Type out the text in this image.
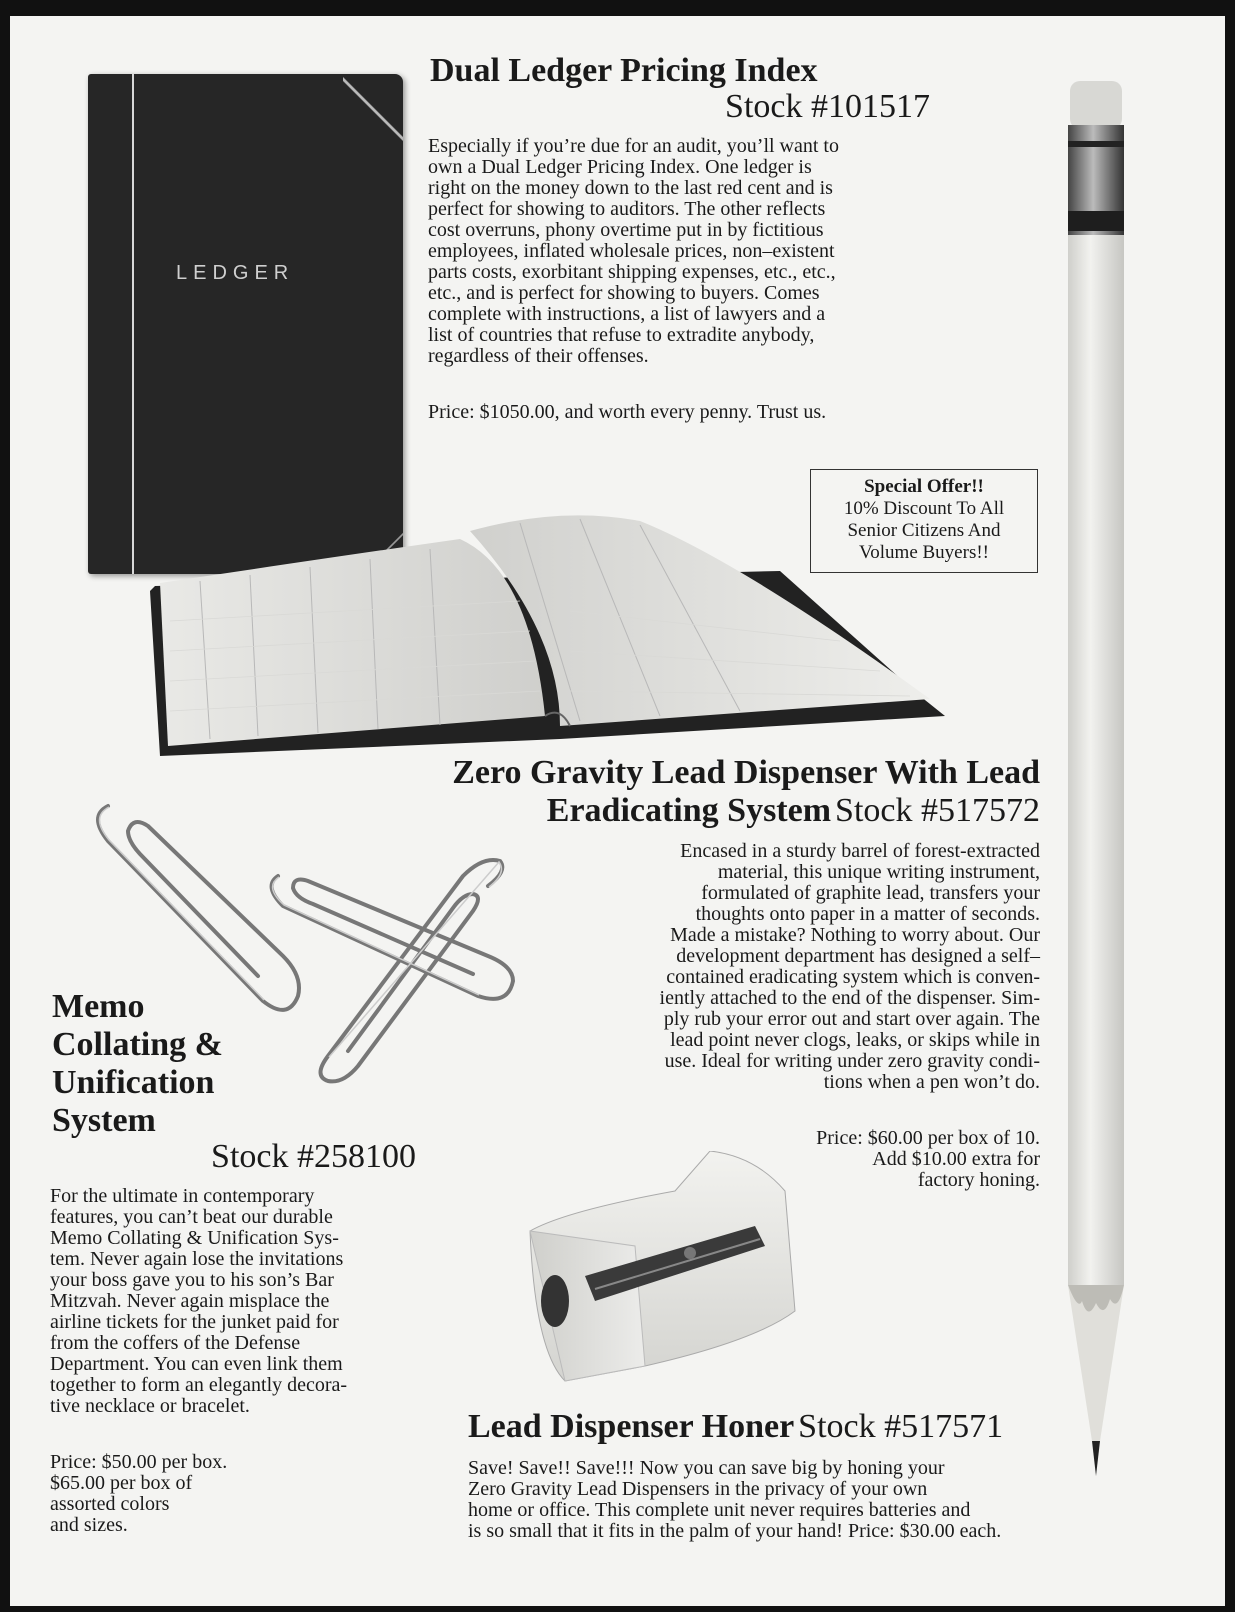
LEDGER
Dual Ledger Pricing Index
Stock #101517
Especially if you’re due for an audit, you’ll want to
own a Dual Ledger Pricing Index. One ledger is
right on the money down to the last red cent and is
perfect for showing to auditors. The other reflects
cost overruns, phony overtime put in by fictitious
employees, inflated wholesale prices, non–existent
parts costs, exorbitant shipping expenses, etc., etc.,
etc., and is perfect for showing to buyers. Comes
complete with instructions, a list of lawyers and a
list of countries that refuse to extradite anybody,
regardless of their offenses.
Price: $1050.00, and worth every penny. Trust us.
Special Offer!!
10% Discount To All
Senior Citizens And
Volume Buyers!!
Zero Gravity Lead Dispenser With Lead
Eradicating System Stock #517572
Encased in a sturdy barrel of forest-extracted
material, this unique writing instrument,
formulated of graphite lead, transfers your
thoughts onto paper in a matter of seconds.
Made a mistake? Nothing to worry about. Our
development department has designed a self–
contained eradicating system which is conven-
iently attached to the end of the dispenser. Sim-
ply rub your error out and start over again. The
lead point never clogs, leaks, or skips while in
use. Ideal for writing under zero gravity condi-
tions when a pen won’t do.
Price: $60.00 per box of 10.
Add $10.00 extra for
factory honing.
Memo
Collating &
Unification
System
Stock #258100
For the ultimate in contemporary
features, you can’t beat our durable
Memo Collating & Unification Sys-
tem. Never again lose the invitations
your boss gave you to his son’s Bar
Mitzvah. Never again misplace the
airline tickets for the junket paid for
from the coffers of the Defense
Department. You can even link them
together to form an elegantly decora-
tive necklace or bracelet.
Price: $50.00 per box.
$65.00 per box of
assorted colors
and sizes.
Lead Dispenser Honer Stock #517571
Save! Save!! Save!!! Now you can save big by honing your
Zero Gravity Lead Dispensers in the privacy of your own
home or office. This complete unit never requires batteries and
is so small that it fits in the palm of your hand! Price: $30.00 each.
